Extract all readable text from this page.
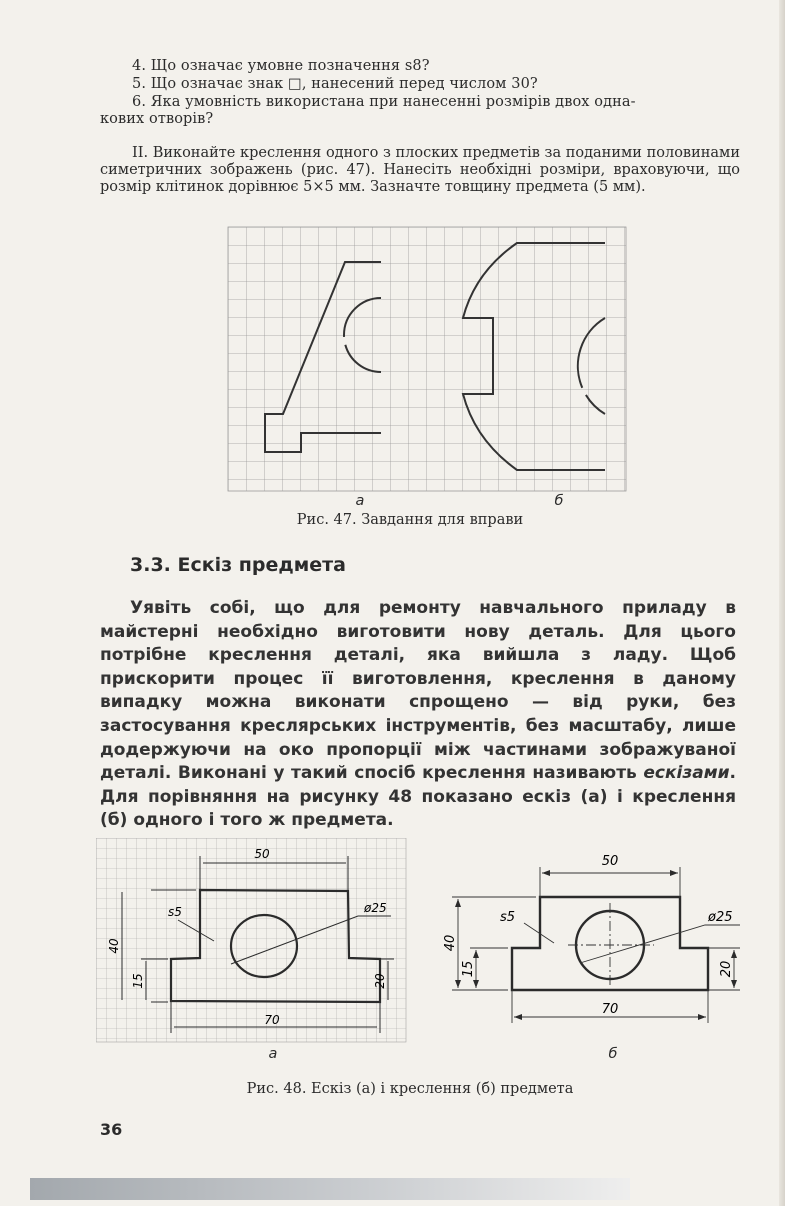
4. Що означає умовне позначення s8?
5. Що означає знак □, нанесений перед числом 30?
6. Яка умовність використана при нанесенні розмірів двох одна-
ковиx отворів?

II. Виконайте креслення одного з плоских предметів за поданими половинами симетричних зображень (рис. 47). Нанесіть необхідні розміри, враховуючи, що розмір клітинок дорівнює 5×5 мм. Зазначте товщину предмета (5 мм).

а	б
Рис. 47. Завдання для вправи
3.3. Ескіз предмета

Уявіть собі, що для ремонту навчального приладу в майстерні необхідно виготовити нову деталь. Для цього потрібне креслення деталі, яка вийшла з ладу. Щоб прискорити процес її виготовлення, креслення в даному випадку можна виконати спрощено — від руки, без застосування креслярських інструментів, без масштабу, лише додержуючи на око пропорції між частинами зображуваної деталі. Виконані у такий спосіб креслення називають ескізами. Для порівняння на рисунку 48 показано ескіз (а) і креслення (б) одного і того ж предмета.

50
70
40
15	20
s5	ø25
50
70
40
15	20
s5	ø25
а	б
Рис. 48. Ескіз (а) і креслення (б) предмета
36
